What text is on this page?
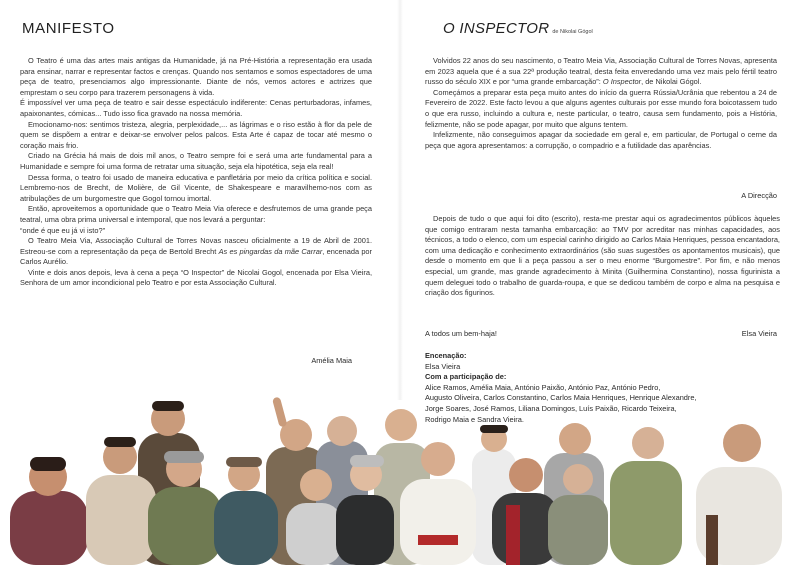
MANIFESTO

O Teatro é uma das artes mais antigas da Humanidade, já na Pré-História a representação era usada para ensinar, narrar e representar factos e crenças. Quando nos sentamos e somos espectadores de uma peça de teatro, presenciamos algo impressionante. Diante de nós, vemos actores e actrizes que emprestam o seu corpo para trazerem personagens à vida.

É impossível ver uma peça de teatro e sair desse espectáculo indiferente: Cenas perturbadoras, infames, apaixonantes, cómicas... Tudo isso fica gravado na nossa memória.

Emocionamo-nos: sentimos tristeza, alegria, perplexidade,... as lágrimas e o riso estão à flor da pele de quem se dispõem a entrar e deixar-se envolver pelos palcos. Esta Arte é capaz de tocar até mesmo o coração mais frio.

Criado na Grécia há mais de dois mil anos, o Teatro sempre foi e será uma arte fundamental para a Humanidade e sempre foi uma forma de retratar uma situação, seja ela hipotética, seja ela real!

Dessa forma, o teatro foi usado de maneira educativa e panfletária por meio da crítica política e social. Lembremo-nos de Brecht, de Molière, de Gil Vicente, de Shakespeare e maravilhemo-nos com as atribulações de um burgomestre que Gogol tornou imortal.

Então, aproveitemos a oportunidade que o Teatro Meia Via oferece e desfrutemos de uma grande peça teatral, uma obra prima universal e intemporal, que nos levará a perguntar:

“onde é que eu já vi isto?”

O Teatro Meia Via, Associação Cultural de Torres Novas nasceu oficialmente a 19 de Abril de 2001. Estreou-se com a representação da peça de Bertold Brecht As es pingardas da mãe Carrar, encenada por Carlos Aurélio.

Vinte e dois anos depois, leva à cena a peça “O Inspector” de Nicolai Gogol, encenada por Elsa Vieira, Senhora de um amor incondicional pelo Teatro e por esta Associação Cultural.

Amélia Maia
O INSPECTOR de Nikolai Gógol

Volvidos 22 anos do seu nascimento, o Teatro Meia Via, Associação Cultural de Torres Novas, apresenta em 2023 aquela que é a sua 22ª produção teatral, desta feita enveredando uma vez mais pelo fértil teatro russo do século XIX e por “uma grande embarcação”: O Inspector, de Nikolai Gógol.

Começámos a preparar esta peça muito antes do início da guerra Rússia/Ucrânia que rebentou a 24 de Fevereiro de 2022. Este facto levou a que alguns agentes culturais por esse mundo fora boicotassem tudo o que era russo, incluindo a cultura e, neste particular, o teatro, causa sem fundamento, pois a História, felizmente, não se pode apagar, por muito que alguns tentem.

Infelizmente, não conseguimos apagar da sociedade em geral e, em particular, de Portugal o cerne da peça que agora apresentamos: a corrupção, o compadrio e a futilidade das aparências.

A Direcção

Depois de tudo o que aqui foi dito (escrito), resta-me prestar aqui os agradecimentos públicos àqueles que comigo entraram nesta tamanha embarcação: ao TMV por acreditar nas minhas capacidades, aos técnicos, a todo o elenco, com um especial carinho dirigido ao Carlos Maia Henriques, pessoa encantadora, com uma dedicação e conhecimento extraordinários (são suas sugestões os apontamentos musicais), que desde o momento em que li a peça passou a ser o meu enorme “Burgomestre”. Por fim, e não menos especial, um grande, mas grande agradecimento à Minita (Guilhermina Constantino), nossa figurinista a quem deleguei todo o trabalho de guarda-roupa, e que se dedicou também de corpo e alma na pesquisa e criação dos figurinos.

A todos um bem-haja!	Elsa Vieira
Encenação:
Elsa Vieira
Com a participação de:
Alice Ramos, Amélia Maia, António Paixão, António Paz, António Pedro,
Augusto Oliveira, Carlos Constantino, Carlos Maia Henriques, Henrique Alexandre,
Jorge Soares, José Ramos, Liliana Domingos, Luís Paixão, Ricardo Teixeira,
Rodrigo Maia e Sandra Vieira.
